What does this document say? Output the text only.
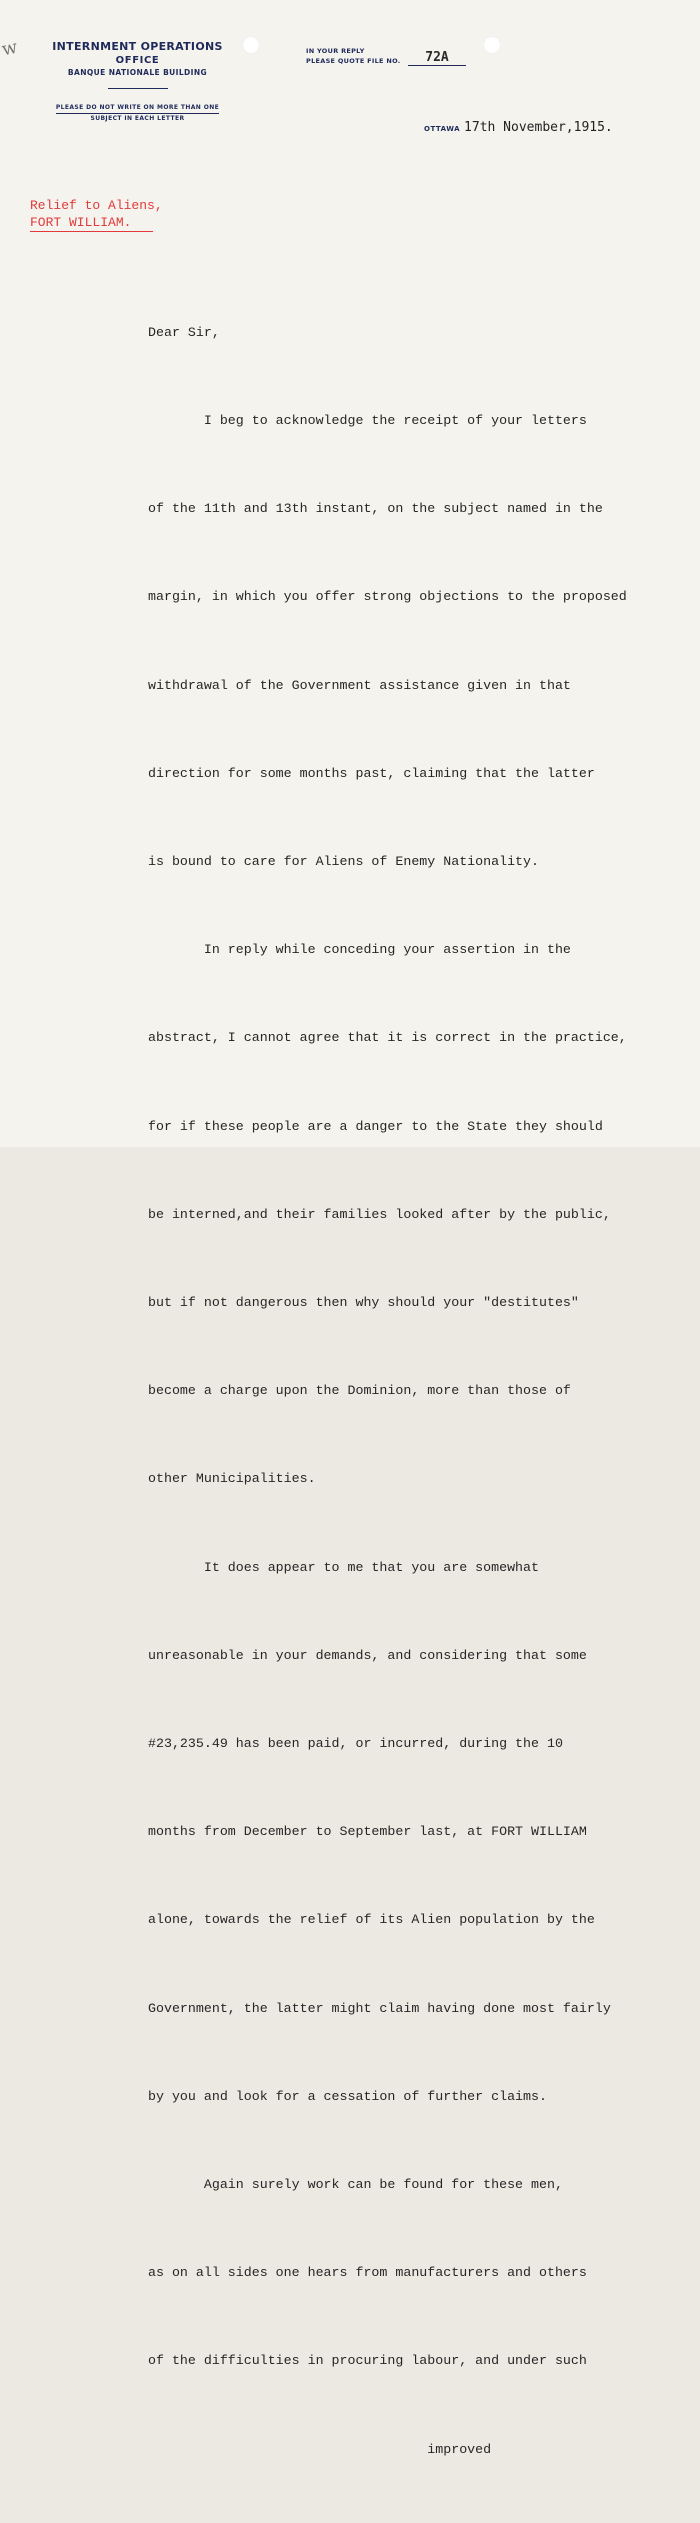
w	INTERNMENT OPERATIONS
OFFICE
BANQUE NATIONALE BUILDING
PLEASE DO NOT WRITE ON MORE THAN ONE
SUBJECT IN EACH LETTER
IN YOUR REPLY
PLEASE QUOTE FILE NO.	72A
OTTAWA 17th November,1915.
Relief to Aliens,
FORT WILLIAM.

Dear Sir,

I beg to acknowledge the receipt of your letters

of the 11th and 13th instant, on the subject named in the

margin, in which you offer strong objections to the proposed

withdrawal of the Government assistance given in that

direction for some months past, claiming that the latter

is bound to care for Aliens of Enemy Nationality.

In reply while conceding your assertion in the

abstract, I cannot agree that it is correct in the practice,

for if these people are a danger to the State they should

be interned,and their families looked after by the public,

but if not dangerous then why should your "destitutes"

become a charge upon the Dominion, more than those of

other Municipalities.

It does appear to me that you are somewhat

unreasonable in your demands, and considering that some

#23,235.49 has been paid, or incurred, during the 10

months from December to September last, at FORT WILLIAM

alone, towards the relief of its Alien population by the

Government, the latter might claim having done most fairly

by you and look for a cessation of further claims.

Again surely work can be found for these men,

as on all sides one hears from manufacturers and others

of the difficulties in procuring labour, and under such

improved
